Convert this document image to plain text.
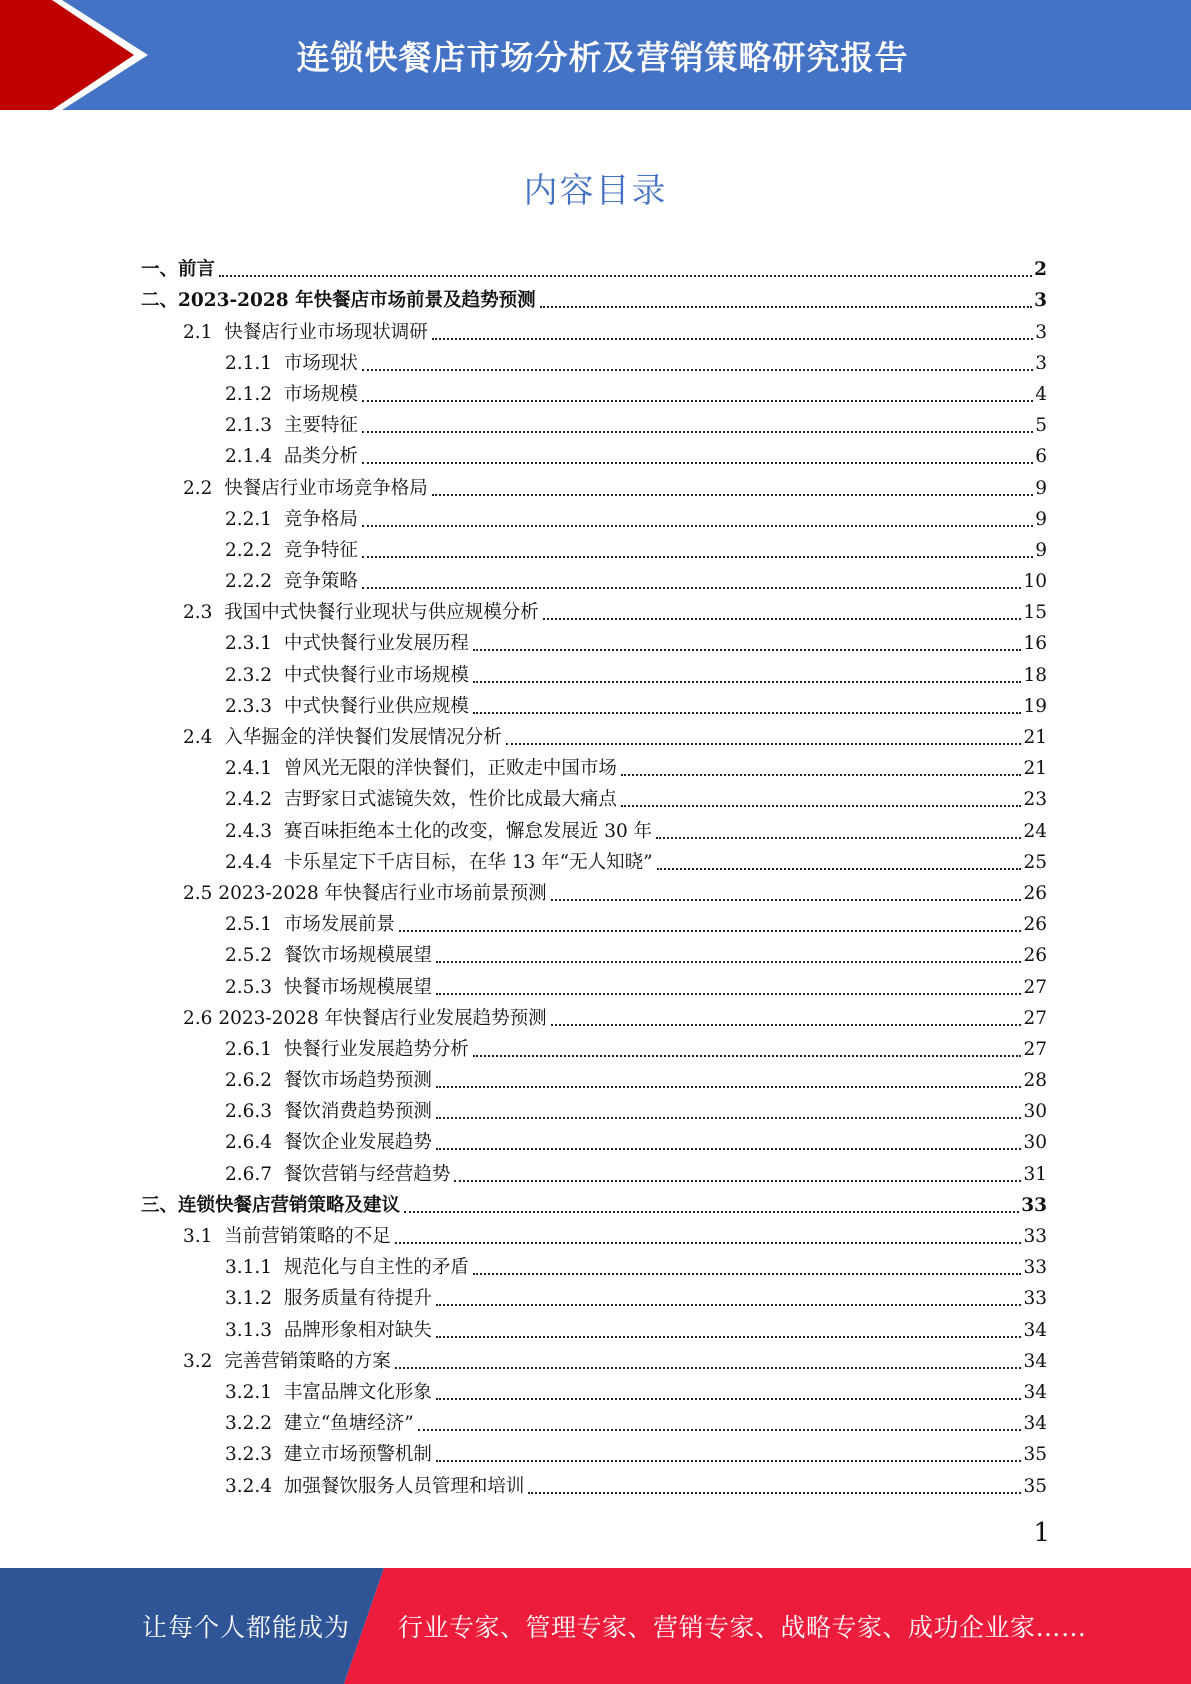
连锁快餐店市场分析及营销策略研究报告
内容目录
一、 前言	2
二、 2023-2028 年快餐店市场前景及趋势预测	3
2.1 快餐店行业市场现状调研	3
2.1.1 市场现状	3
2.1.2 市场规模	4
2.1.3 主要特征	5
2.1.4 品类分析	6
2.2 快餐店行业市场竞争格局	9
2.2.1 竞争格局	9
2.2.2 竞争特征	9
2.2.2 竞争策略	10
2.3 我国中式快餐行业现状与供应规模分析	15
2.3.1 中式快餐行业发展历程	16
2.3.2 中式快餐行业市场规模	18
2.3.3 中式快餐行业供应规模	19
2.4 入华掘金的洋快餐们发展情况分析	21
2.4.1 曾风光无限的洋快餐们，正败走中国市场	21
2.4.2 吉野家日式滤镜失效，性价比成最大痛点	23
2.4.3 赛百味拒绝本土化的改变，懈怠发展近 30 年	24
2.4.4 卡乐星定下千店目标，在华 13 年“无人知晓”	25
2.5 2023-2028 年快餐店行业市场前景预测	26
2.5.1 市场发展前景	26
2.5.2 餐饮市场规模展望	26
2.5.3 快餐市场规模展望	27
2.6 2023-2028 年快餐店行业发展趋势预测	27
2.6.1 快餐行业发展趋势分析	27
2.6.2 餐饮市场趋势预测	28
2.6.3 餐饮消费趋势预测	30
2.6.4 餐饮企业发展趋势	30
2.6.7 餐饮营销与经营趋势	31
三、 连锁快餐店营销策略及建议	33
3.1 当前营销策略的不足	33
3.1.1 规范化与自主性的矛盾	33
3.1.2 服务质量有待提升	33
3.1.3 品牌形象相对缺失	34
3.2 完善营销策略的方案	34
3.2.1 丰富品牌文化形象	34
3.2.2 建立“鱼塘经济”	34
3.2.3 建立市场预警机制	35
3.2.4 加强餐饮服务人员管理和培训	35
1
让每个人都能成为 行业专家、管理专家、营销专家、战略专家、成功企业家……
